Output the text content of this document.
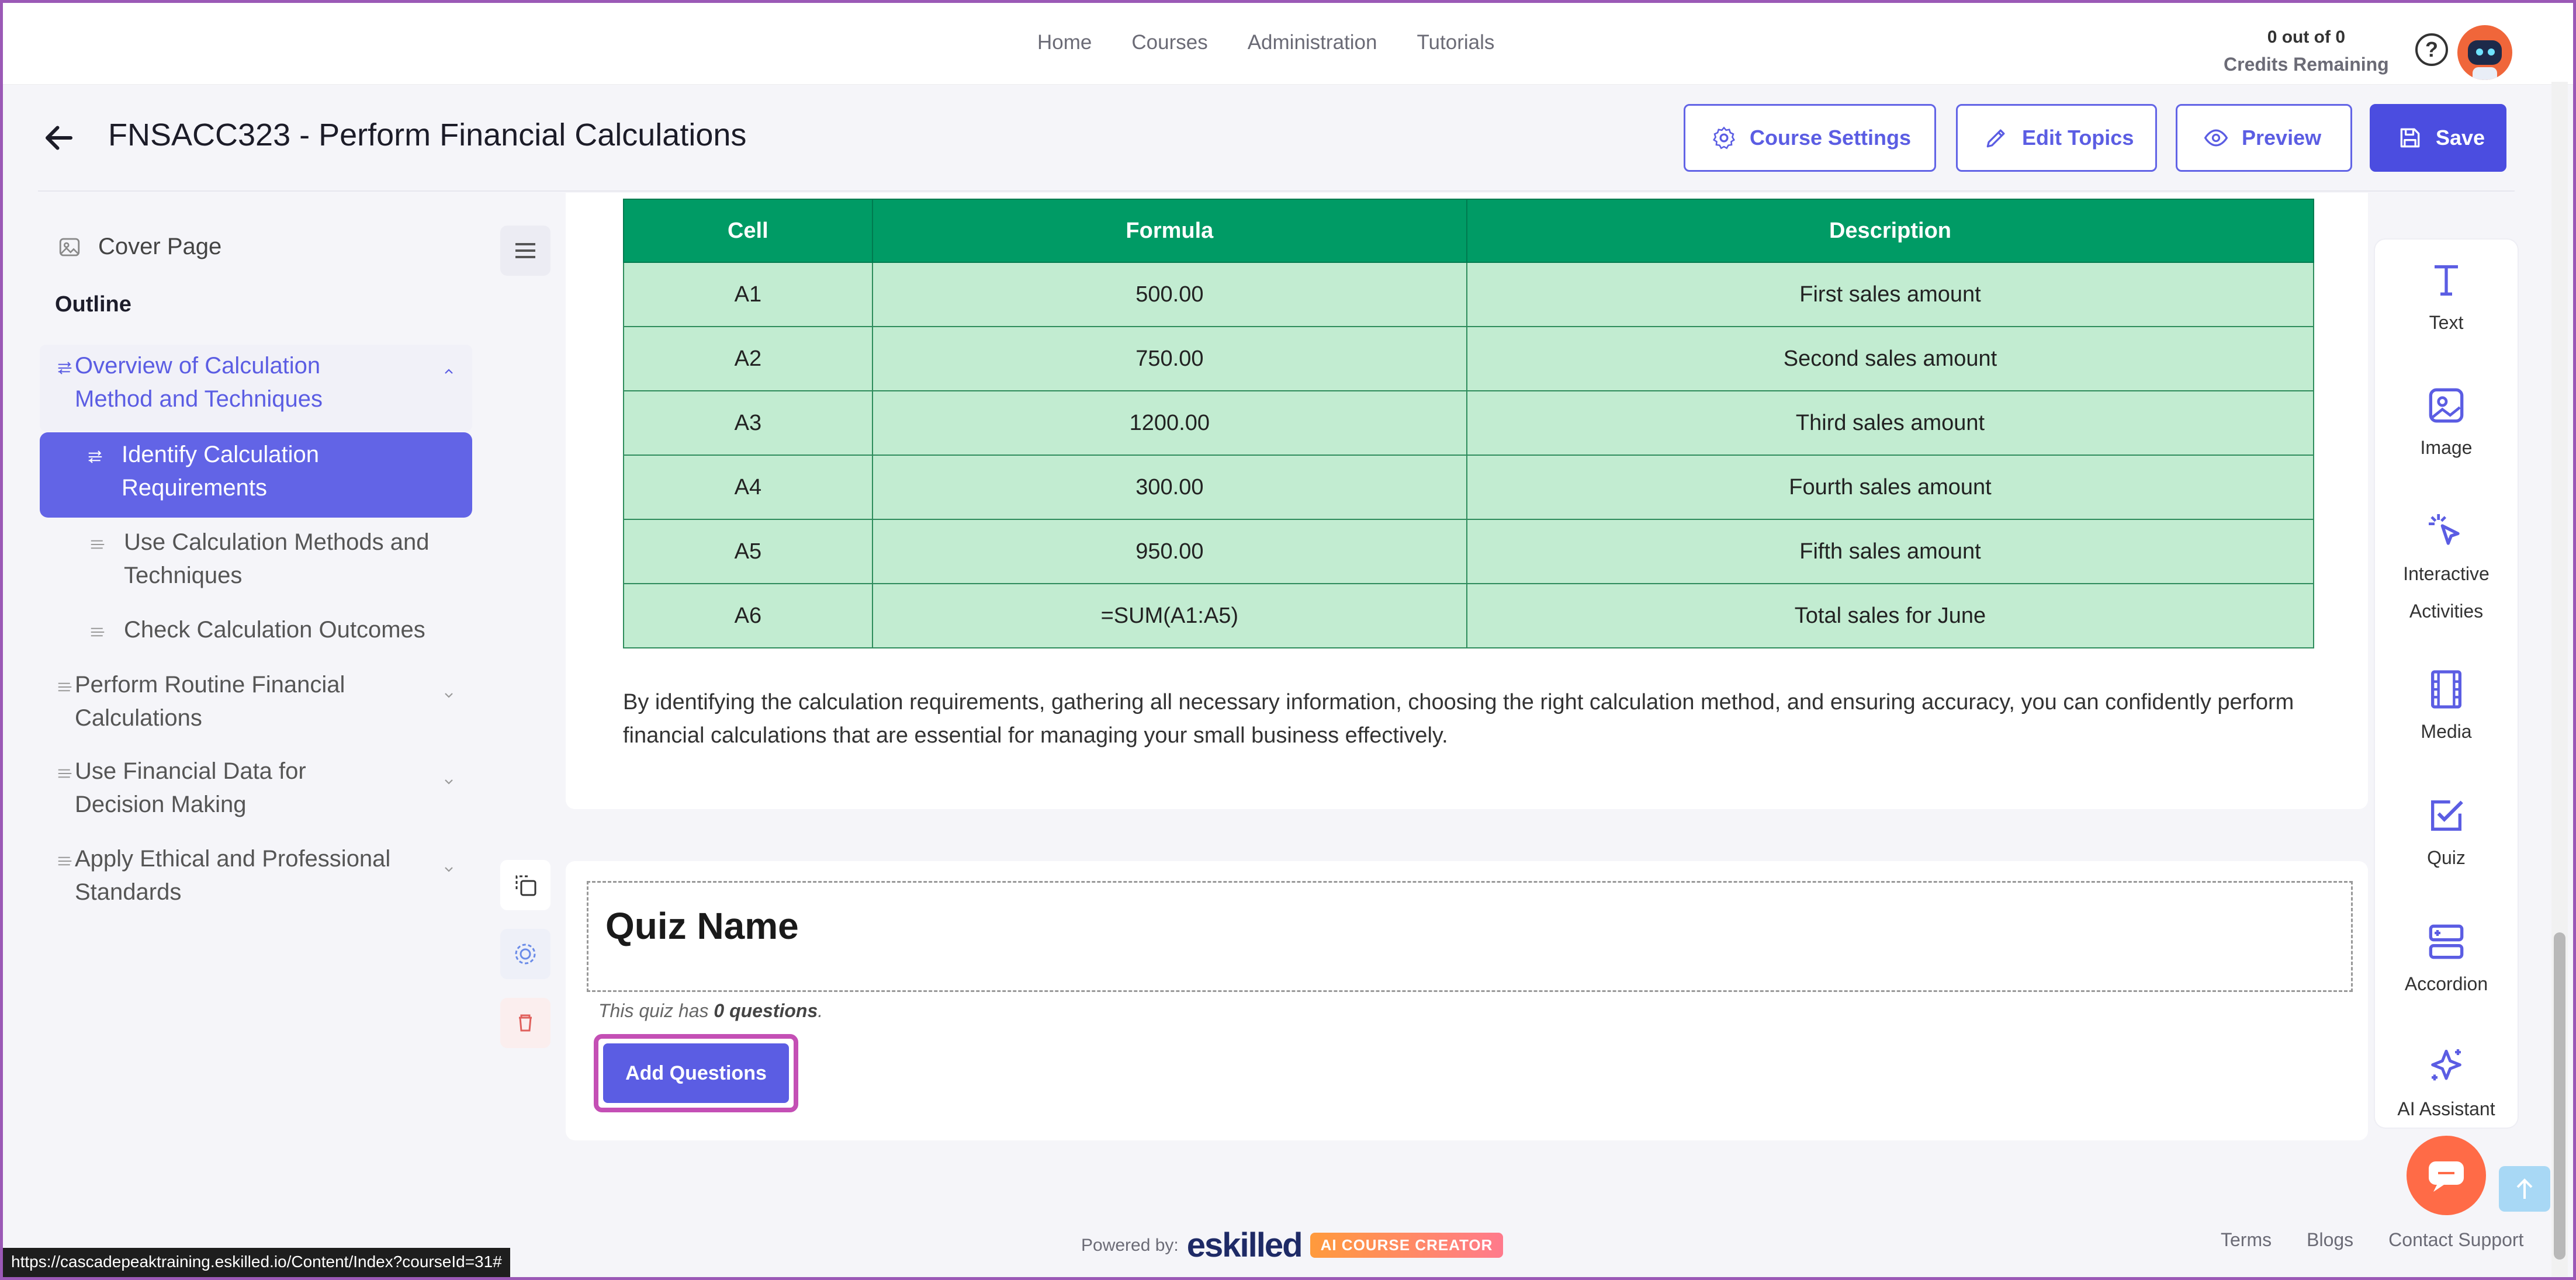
Home Courses Administration Tutorials	0 out of 0
Credits Remaining
?
FNSACC323 - Perform Financial Calculations	Course Settings	Edit Topics	Preview	Save
Cover Page
Outline
Overview of Calculation Method and Techniques
Identify Calculation Requirements
Use Calculation Methods and Techniques
Check Calculation Outcomes
Perform Routine Financial Calculations
Use Financial Data for Decision Making
Apply Ethical and Professional Standards
Cell	Formula	Description
A1	500.00	First sales amount
A2	750.00	Second sales amount
A3	1200.00	Third sales amount
A4	300.00	Fourth sales amount
A5	950.00	Fifth sales amount
A6	=SUM(A1:A5)	Total sales for June
By identifying the calculation requirements, gathering all necessary information, choosing the right calculation method, and ensuring accuracy, you can confidently perform financial calculations that are essential for managing your small business effectively.
Quiz Name
This quiz has 0 questions.
Add Questions
Text
Image
Interactive Activities
Media
Quiz
Accordion
AI Assistant
Powered by: eskilled	AI COURSE CREATOR	Terms Blogs Contact Support
https://cascadepeaktraining.eskilled.io/Content/Index?courseId=31#
